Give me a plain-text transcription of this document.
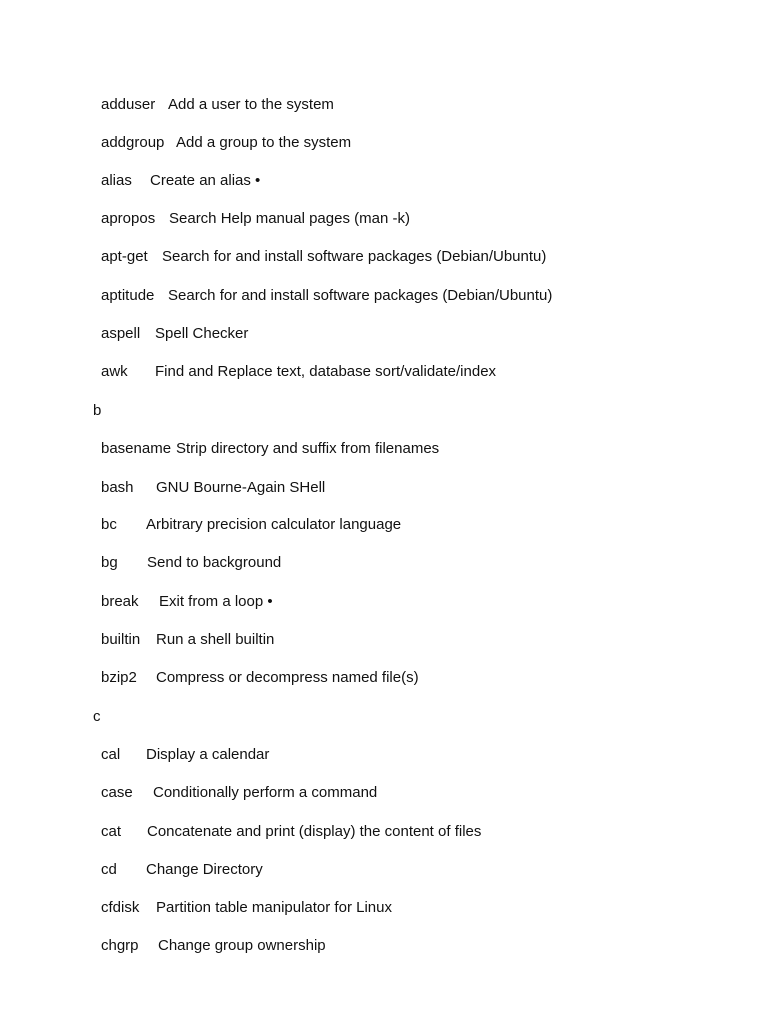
adduser Add a user to the system
addgroup Add a group to the system
alias Create an alias •
apropos Search Help manual pages (man -k)
apt-get Search for and install software packages (Debian/Ubuntu)
aptitude Search for and install software packages (Debian/Ubuntu)
aspell Spell Checker
awk Find and Replace text, database sort/validate/index
b
basename Strip directory and suffix from filenames
bash GNU Bourne-Again SHell
bc Arbitrary precision calculator language
bg Send to background
break Exit from a loop •
builtin Run a shell builtin
bzip2 Compress or decompress named file(s)
c
cal Display a calendar
case Conditionally perform a command
cat Concatenate and print (display) the content of files
cd Change Directory
cfdisk Partition table manipulator for Linux
chgrp Change group ownership
